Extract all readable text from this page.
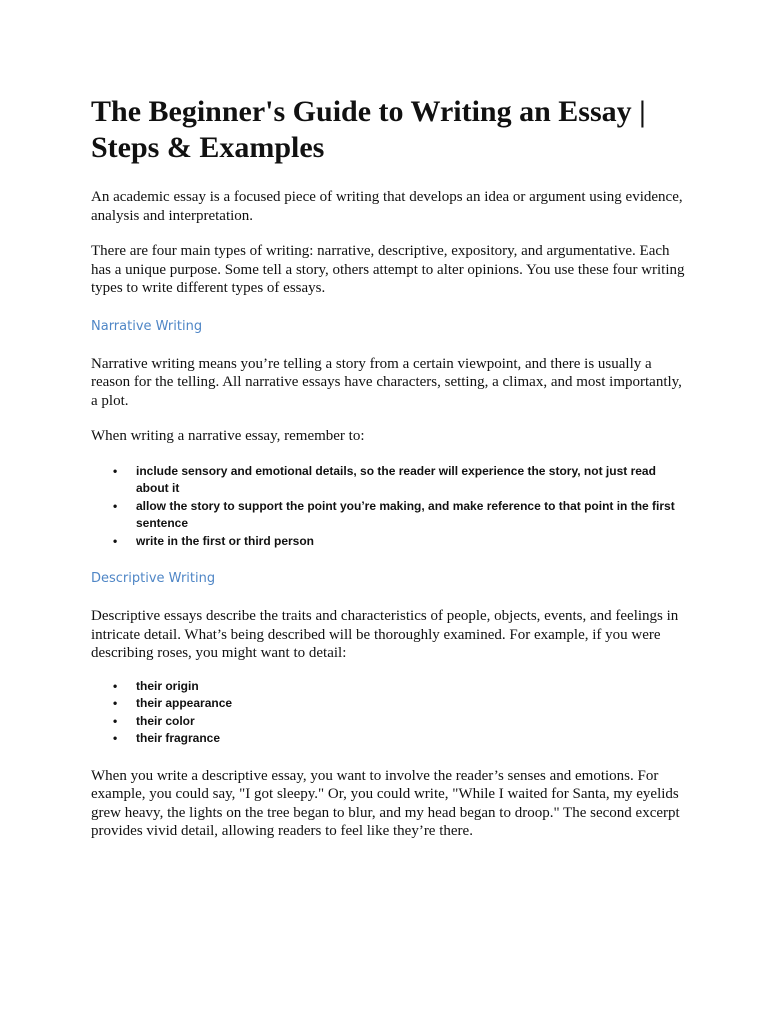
The Beginner's Guide to Writing an Essay | Steps & Examples

An academic essay is a focused piece of writing that develops an idea or argument using evidence, analysis and interpretation.

There are four main types of writing: narrative, descriptive, expository, and argumentative. Each has a unique purpose. Some tell a story, others attempt to alter opinions. You use these four writing types to write different types of essays.

Narrative Writing

Narrative writing means you’re telling a story from a certain viewpoint, and there is usually a reason for the telling. All narrative essays have characters, setting, a climax, and most importantly, a plot.

When writing a narrative essay, remember to:

• include sensory and emotional details, so the reader will experience the story, not just read about it
• allow the story to support the point you’re making, and make reference to that point in the first sentence
• write in the first or third person
Descriptive Writing

Descriptive essays describe the traits and characteristics of people, objects, events, and feelings in intricate detail. What’s being described will be thoroughly examined. For example, if you were describing roses, you might want to detail:

• their origin
• their appearance
• their color
• their fragrance

When you write a descriptive essay, you want to involve the reader’s senses and emotions. For example, you could say, "I got sleepy." Or, you could write, "While I waited for Santa, my eyelids grew heavy, the lights on the tree began to blur, and my head began to droop." The second excerpt provides vivid detail, allowing readers to feel like they’re there.
